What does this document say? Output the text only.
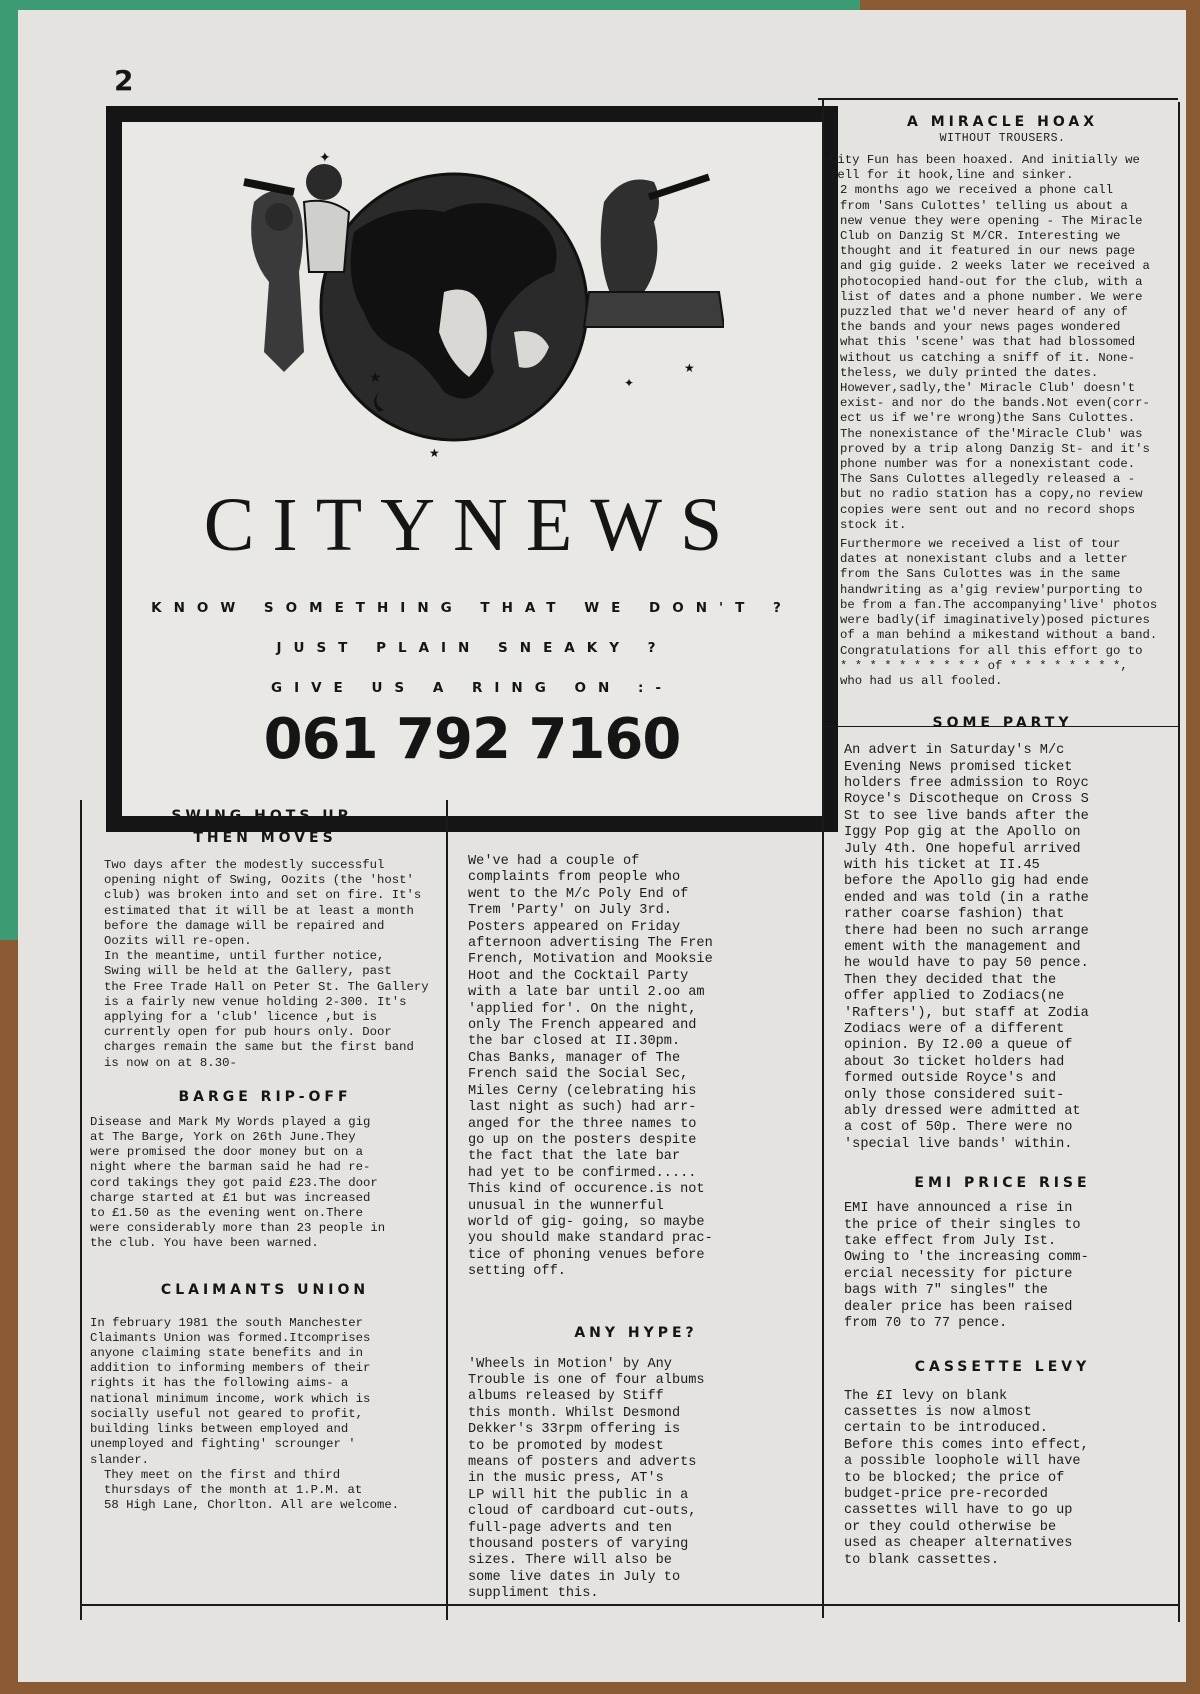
2
✦
★
★
✦
★
CITYNEWS
KNOW SOMETHING THAT WE DON'T ?
JUST PLAIN SNEAKY ?
GIVE US A RING ON :-
061 792 7160
SWING HOTS UP,
THEN MOVES

Two days after the modestly successful
opening night of Swing, Oozits (the 'host'
club) was broken into and set on fire. It's
estimated that it will be at least a month
before the damage will be repaired and
Oozits will re-open.

In the meantime, until further notice,
Swing will be held at the Gallery, past
the Free Trade Hall on Peter St. The Gallery
is a fairly new venue holding 2-300. It's
applying for a 'club' licence ,but is
currently open for pub hours only. Door
charges remain the same but the first band
is now on at 8.30-

BARGE RIP-OFF

Disease and Mark My Words played a gig
at The Barge, York on 26th June.They
were promised the door money but on a
night where the barman said he had re-
cord takings they got paid £23.The door
charge started at £1 but was increased
to £1.50 as the evening went on.There
were considerably more than 23 people in
the club. You have been warned.

CLAIMANTS UNION

In february 1981 the south Manchester
Claimants Union was formed.Itcomprises
anyone claiming state benefits and in
addition to informing members of their
rights it has the following aims- a
national minimum income, work which is
socially useful not geared to profit,
building links between employed and
unemployed and fighting' scrounger '
slander.

They meet on the first and third
thursdays of the month at 1.P.M. at
58 High Lane, Chorlton. All are welcome.

LIKE A WET SQUID

We've had a couple of
complaints from people who
went to the M/c Poly End of
Trem 'Party' on July 3rd.
Posters appeared on Friday
afternoon advertising The Fren
French, Motivation and Mooksie
Hoot and the Cocktail Party
with a late bar until 2.oo am
'applied for'. On the night,
only The French appeared and
the bar closed at II.30pm.
Chas Banks, manager of The
French said the Social Sec,
Miles Cerny (celebrating his
last night as such) had arr-
anged for the three names to
go up on the posters despite
the fact that the late bar
had yet to be confirmed.....
This kind of occurence.is not
unusual in the wunnerful
world of gig- going, so maybe
you should make standard prac-
tice of phoning venues before
setting off.

ANY HYPE?

'Wheels in Motion' by Any
Trouble is one of four albums
albums released by Stiff
this month. Whilst Desmond
Dekker's 33rpm offering is
to be promoted by modest
means of posters and adverts
in the music press, AT's
LP will hit the public in a
cloud of cardboard cut-outs,
full-page adverts and ten
thousand posters of varying
sizes. There will also be
some live dates in July to
suppliment this.

A MIRACLE HOAX
WITHOUT TROUSERS.

City Fun has been hoaxed. And initially we
fell for it hook,line and sinker.

2 months ago we received a phone call
from 'Sans Culottes' telling us about a
new venue they were opening - The Miracle
Club on Danzig St M/CR. Interesting we
thought and it featured in our news page
and gig guide. 2 weeks later we received a
photocopied hand-out for the club, with a
list of dates and a phone number. We were
puzzled that we'd never heard of any of
the bands and your news pages wondered
what this 'scene' was that had blossomed
without us catching a sniff of it. None-
theless, we duly printed the dates.

However,sadly,the' Miracle Club' doesn't
exist- and nor do the bands.Not even(corr-
ect us if we're wrong)the Sans Culottes.
The nonexistance of the'Miracle Club' was
proved by a trip along Danzig St- and it's
phone number was for a nonexistant code.
The Sans Culottes allegedly released a -
but no radio station has a copy,no review
copies were sent out and no record shops
stock it.

Furthermore we received a list of tour
dates at nonexistant clubs and a letter
from the Sans Culottes was in the same
handwriting as a'gig review'purporting to
be from a fan.The accompanying'live' photos
were badly(if imaginatively)posed pictures
of a man behind a mikestand without a band.

Congratulations for all this effort go to
* * * * * * * * * * of * * * * * * * *,
who had us all fooled.

SOME PARTY

An advert in Saturday's M/c
Evening News promised ticket
holders free admission to Royc
Royce's Discotheque on Cross S
St to see live bands after the
Iggy Pop gig at the Apollo on
July 4th. One hopeful arrived
with his ticket at II.45
before the Apollo gig had ende
ended and was told (in a rathe
rather coarse fashion) that
there had been no such arrange
ement with the management and
he would have to pay 50 pence.
Then they decided that the
offer applied to Zodiacs(ne
'Rafters'), but staff at Zodia
Zodiacs were of a different
opinion. By I2.00 a queue of
about 3o ticket holders had
formed outside Royce's and
only those considered suit-
ably dressed were admitted at
a cost of 50p. There were no
'special live bands' within.

EMI PRICE RISE

EMI have announced a rise in
the price of their singles to
take effect from July Ist.
Owing to 'the increasing comm-
ercial necessity for picture
bags with 7" singles" the
dealer price has been raised
from 70 to 77 pence.

CASSETTE LEVY

The £I levy on blank
cassettes is now almost
certain to be introduced.
Before this comes into effect,
a possible loophole will have
to be blocked; the price of
budget-price pre-recorded
cassettes will have to go up
or they could otherwise be
used as cheaper alternatives
to blank cassettes.
